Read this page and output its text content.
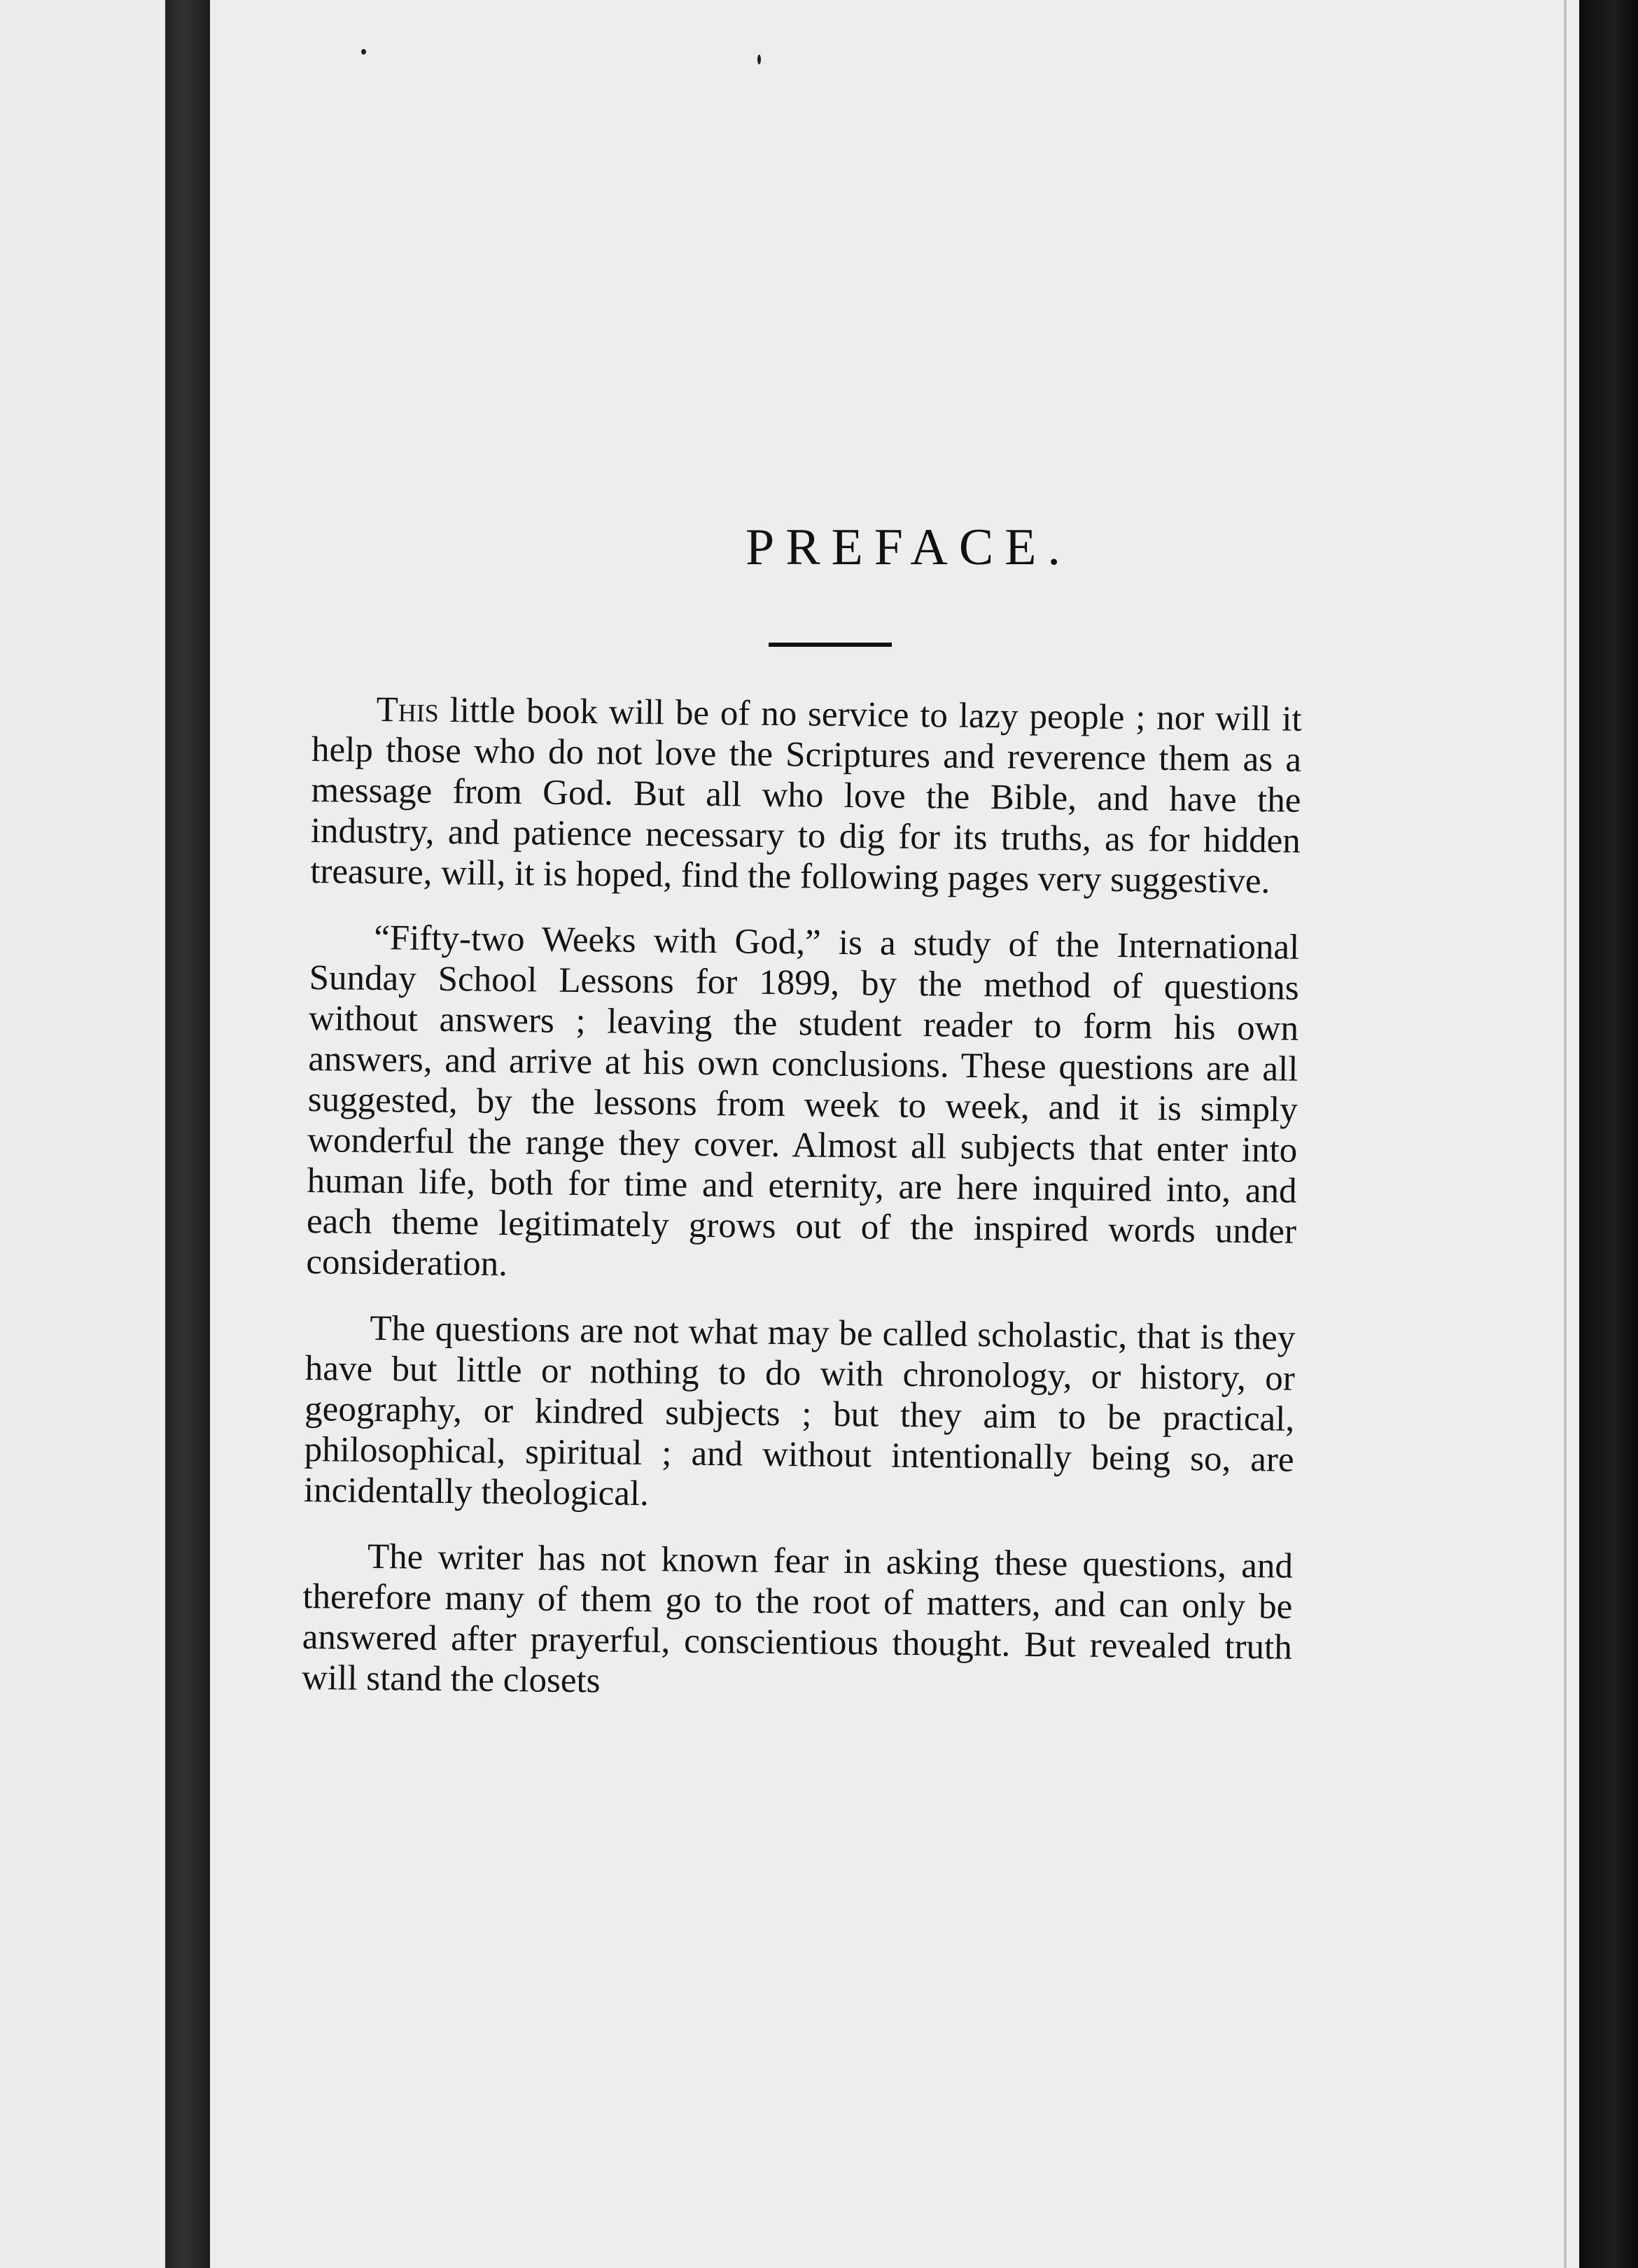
PREFACE.

This little book will be of no service to lazy people ; nor will it help those who do not love the Scriptures and reverence them as a message from God. But all who love the Bible, and have the industry, and patience necessary to dig for its truths, as for hidden treasure, will, it is hoped, find the following pages very suggestive.

“Fifty-two Weeks with God,” is a study of the International Sunday School Lessons for 1899, by the method of questions without answers ; leaving the student reader to form his own answers, and arrive at his own conclusions. These questions are all suggested, by the lessons from week to week, and it is simply wonderful the range they cover. Almost all subjects that enter into human life, both for time and eternity, are here inquired into, and each theme legitimately grows out of the inspired words under consideration.

The questions are not what may be called scholastic, that is they have but little or nothing to do with chronology, or history, or geography, or kindred subjects ; but they aim to be practical, philosophical, spiritual ; and without intentionally being so, are incidentally theological.

The writer has not known fear in asking these questions, and therefore many of them go to the root of matters, and can only be answered after prayerful, conscientious thought. But revealed truth will stand the closets
